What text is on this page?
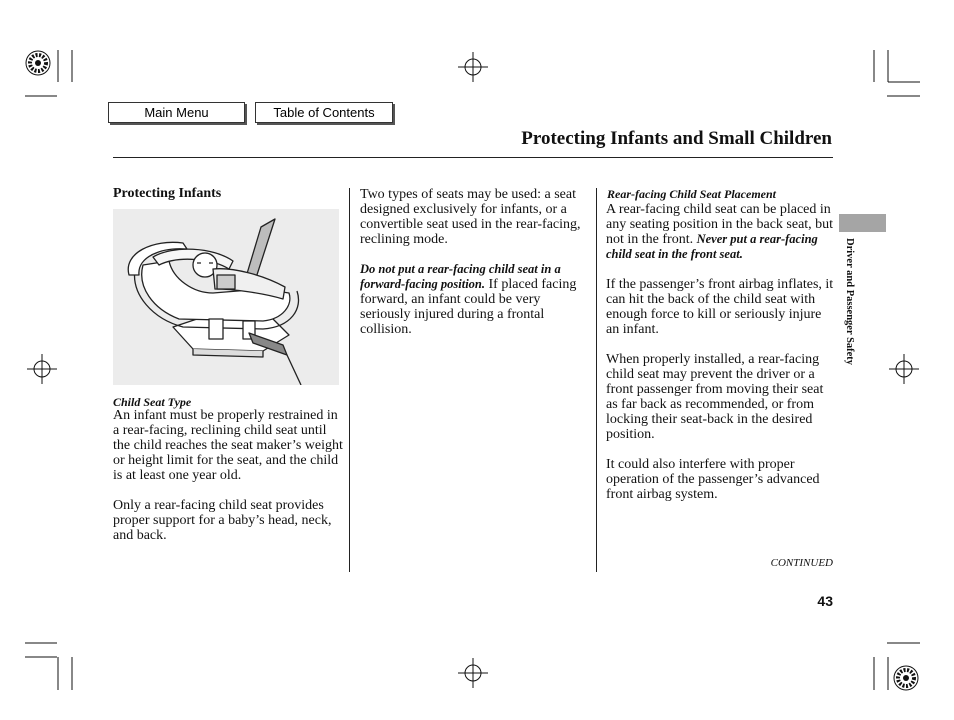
Main Menu	Table of Contents
Protecting Infants and Small Children
Protecting Infants
Child Seat Type

An infant must be properly restrained in a rear-facing, reclining child seat until the child reaches the seat maker’s weight or height limit for the seat, and the child is at least one year old.

Only a rear-facing child seat provides proper support for a baby’s head, neck, and back.

Two types of seats may be used: a seat designed exclusively for infants, or a convertible seat used in the rear-facing, reclining mode.

Do not put a rear-facing child seat in a forward-facing position. If placed facing forward, an infant could be very seriously injured during a frontal collision.

Rear-facing Child Seat Placement

A rear-facing child seat can be placed in any seating position in the back seat, but not in the front. Never put a rear-facing child seat in the front seat.

If the passenger’s front airbag inflates, it can hit the back of the child seat with enough force to kill or seriously injure an infant.

When properly installed, a rear-facing child seat may prevent the driver or a front passenger from moving their seat as far back as recommended, or from locking their seat-back in the desired position.

It could also interfere with proper operation of the passenger’s advanced front airbag system.

Driver and Passenger Safety
CONTINUED
43
